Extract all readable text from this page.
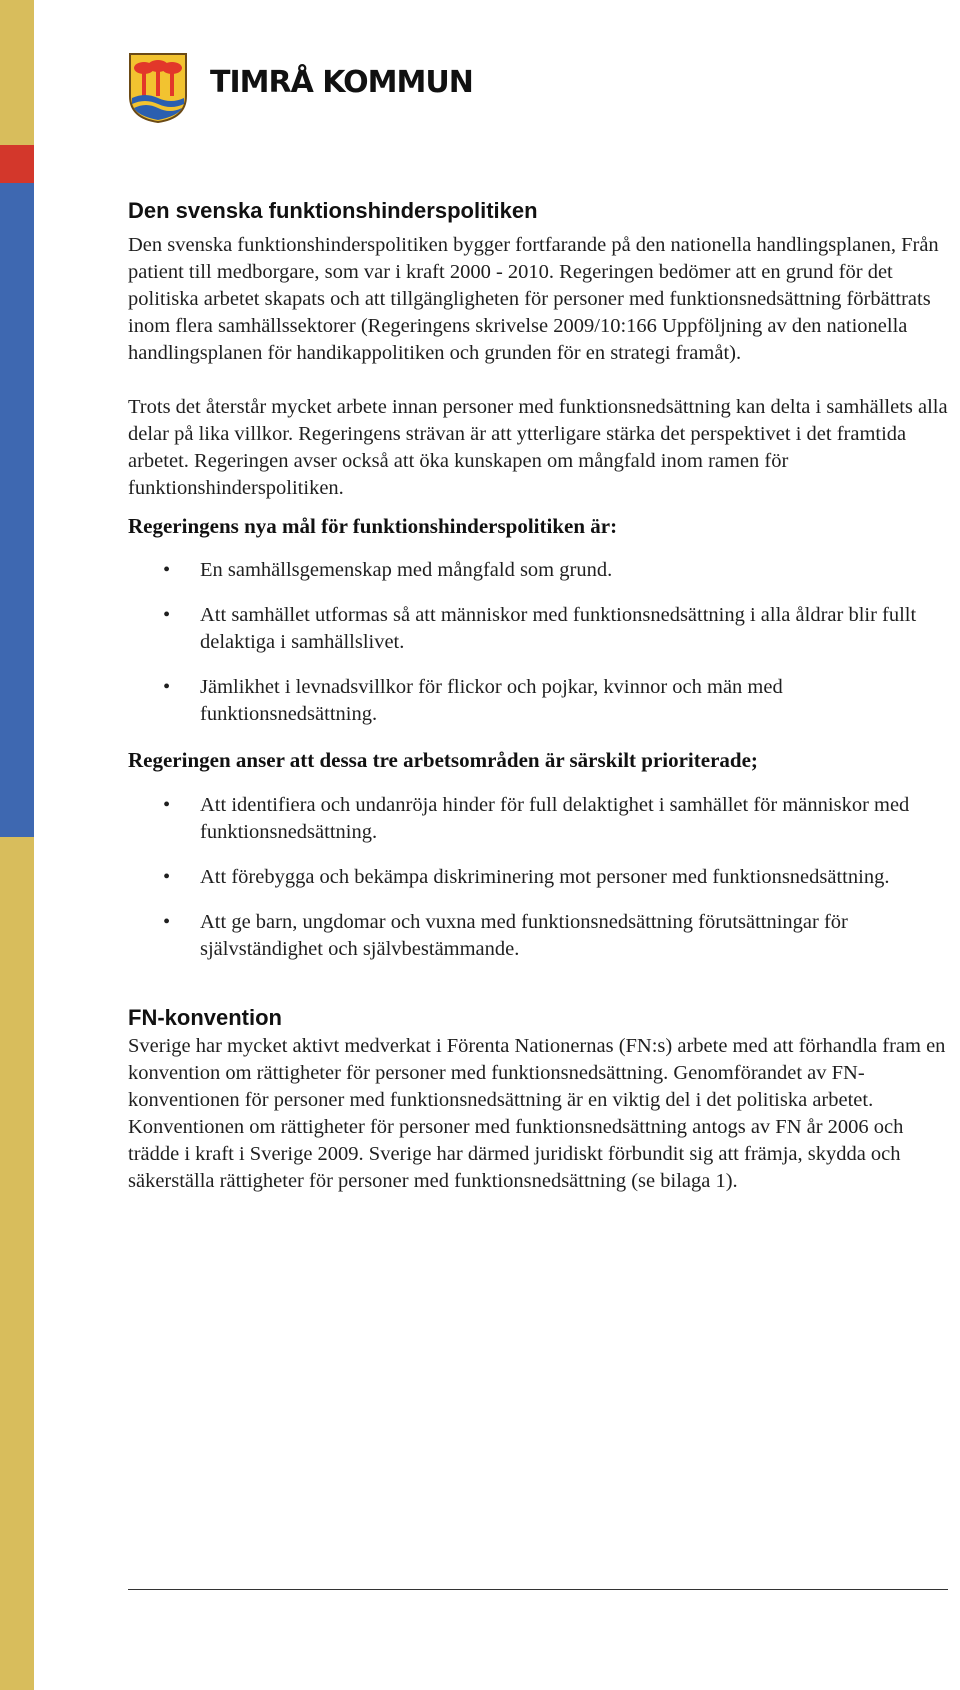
TIMRÅ KOMMUN
Den svenska funktionshinderspolitiken

Den svenska funktionshinderspolitiken bygger fortfarande på den nationella handlingsplanen, Från patient till medborgare, som var i kraft 2000 - 2010. Regeringen bedömer att en grund för det politiska arbetet skapats och att tillgängligheten för personer med funktionsnedsättning förbättrats inom flera samhällssektorer (Regeringens skrivelse 2009/10:166 Uppföljning av den nationella handlingsplanen för handikappolitiken och grunden för en strategi framåt).

Trots det återstår mycket arbete innan personer med funktionsnedsättning kan delta i samhällets alla delar på lika villkor. Regeringens strävan är att ytterligare stärka det perspektivet i det framtida arbetet. Regeringen avser också att öka kunskapen om mångfald inom ramen för funktionshinderspolitiken.

Regeringens nya mål för funktionshinderspolitiken är:
• En samhällsgemenskap med mångfald som grund.
• Att samhället utformas så att människor med funktionsnedsättning i alla åldrar blir fullt delaktiga i samhällslivet.
• Jämlikhet i levnadsvillkor för flickor och pojkar, kvinnor och män med funktionsnedsättning.
Regeringen anser att dessa tre arbetsområden är särskilt prioriterade;
• Att identifiera och undanröja hinder för full delaktighet i samhället för människor med funktionsnedsättning.
• Att förebygga och bekämpa diskriminering mot personer med funktionsnedsättning.
• Att ge barn, ungdomar och vuxna med funktionsnedsättning förutsättningar för självständighet och självbestämmande.
FN-konvention

Sverige har mycket aktivt medverkat i Förenta Nationernas (FN:s) arbete med att förhandla fram en konvention om rättigheter för personer med funktionsnedsättning. Genomförandet av FN-konventionen för personer med funktionsnedsättning är en viktig del i det politiska arbetet. Konventionen om rättigheter för personer med funktionsnedsättning antogs av FN år 2006 och trädde i kraft i Sverige 2009. Sverige har därmed juridiskt förbundit sig att främja, skydda och säkerställa rättigheter för personer med funktionsnedsättning (se bilaga 1).
